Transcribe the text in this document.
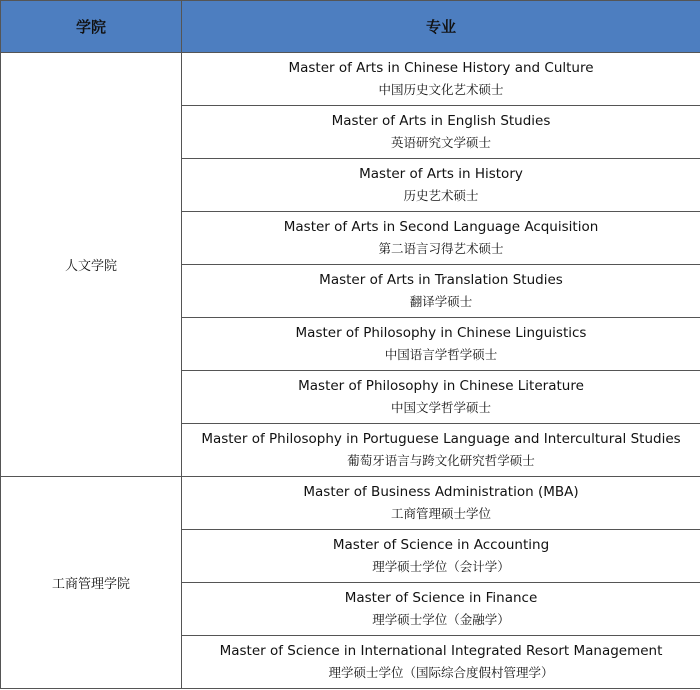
学院	专业
人文学院	Master of Arts in Chinese History and Culture
中国历史文化艺术硕士

	Master of Arts in English Studies
英语研究文学硕士

	Master of Arts in History
历史艺术硕士

	Master of Arts in Second Language Acquisition
第二语言习得艺术硕士

	Master of Arts in Translation Studies
翻译学硕士

	Master of Philosophy in Chinese Linguistics
中国语言学哲学硕士

	Master of Philosophy in Chinese Literature
中国文学哲学硕士

	Master of Philosophy in Portuguese Language and Intercultural Studies
葡萄牙语言与跨文化研究哲学硕士

工商管理学院	Master of Business Administration (MBA)
工商管理硕士学位

	Master of Science in Accounting
理学硕士学位（会计学）

	Master of Science in Finance
理学硕士学位（金融学）

	Master of Science in International Integrated Resort Management
理学硕士学位（国际综合度假村管理学）
